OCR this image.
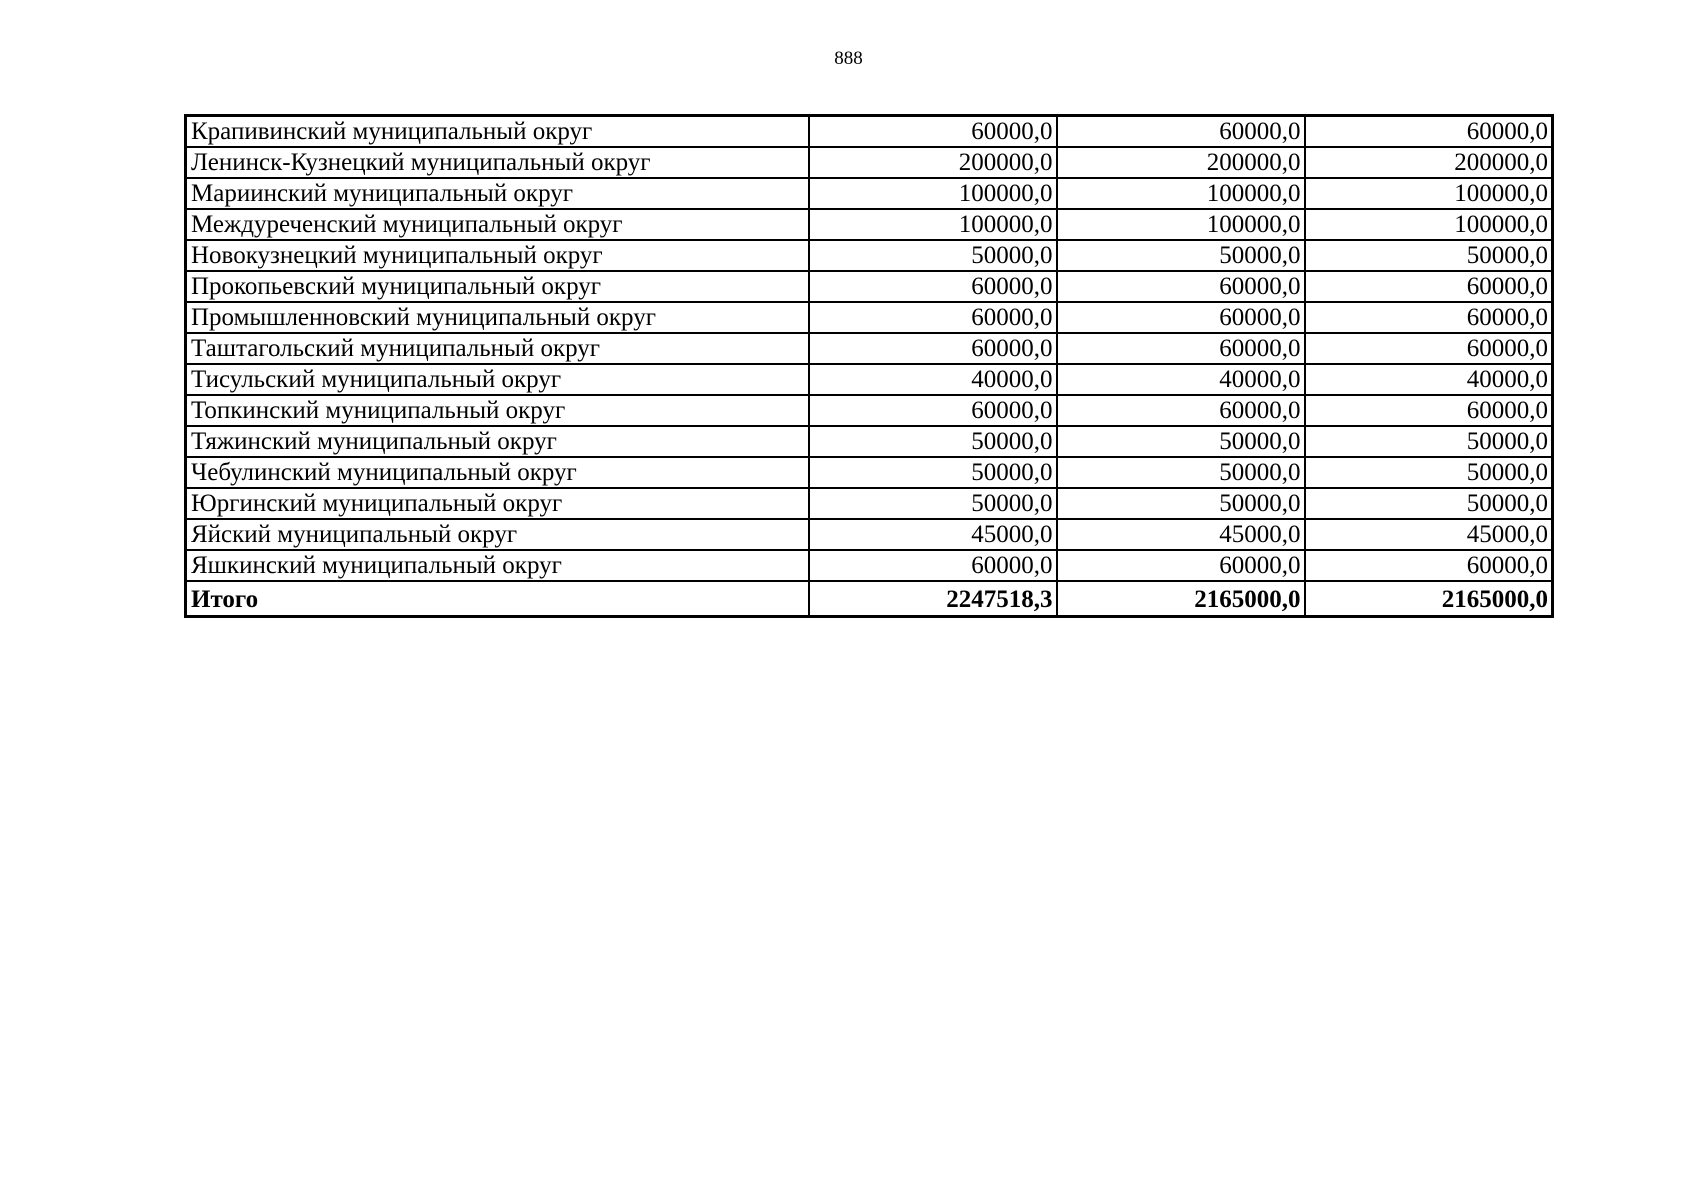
888
Крапивинский муниципальный округ	60000,0	60000,0	60000,0
Ленинск-Кузнецкий муниципальный округ	200000,0	200000,0	200000,0
Мариинский муниципальный округ	100000,0	100000,0	100000,0
Междуреченский муниципальный округ	100000,0	100000,0	100000,0
Новокузнецкий муниципальный округ	50000,0	50000,0	50000,0
Прокопьевский муниципальный округ	60000,0	60000,0	60000,0
Промышленновский муниципальный округ	60000,0	60000,0	60000,0
Таштагольский муниципальный округ	60000,0	60000,0	60000,0
Тисульский муниципальный округ	40000,0	40000,0	40000,0
Топкинский муниципальный округ	60000,0	60000,0	60000,0
Тяжинский муниципальный округ	50000,0	50000,0	50000,0
Чебулинский муниципальный округ	50000,0	50000,0	50000,0
Юргинский муниципальный округ	50000,0	50000,0	50000,0
Яйский муниципальный округ	45000,0	45000,0	45000,0
Яшкинский муниципальный округ	60000,0	60000,0	60000,0
Итого	2247518,3	2165000,0	2165000,0
